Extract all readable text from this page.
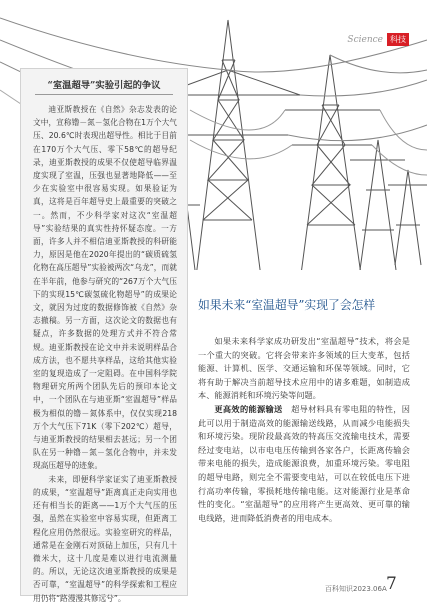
Science 科技
“室温超导”实验引起的争议

迪亚斯教授在《自然》杂志发表的论文中，宣称镥－氮－氢化合物在1万个大气压、20.6℃时表现出超导性。相比于目前在170万个大气压、零下58℃的超导纪录，迪亚斯教授的成果不仅使超导临界温度实现了室温，压强也显著地降低——至少在实验室中很容易实现。如果验证为真，这将是百年超导史上最重要的突破之一。然而，不少科学家对这次“室温超导”实验结果的真实性持怀疑态度。一方面，许多人并不相信迪亚斯教授的科研能力，原因是他在2020年提出的“碳质硫氢化物在高压超导”实验被两次“乌龙”，而就在半年前，他参与研究的“267万个大气压下的实现15℃碳氢硫化物超导”的成果论文，就因为过度的数据修饰被《自然》杂志撤稿。另一方面，这次论文的数据也有疑点，许多数据的处理方式并不符合常规。迪亚斯教授在论文中并未说明样品合成方法，也不愿共享样品，这给其他实验室的复现造成了一定阻碍。在中国科学院物理研究所两个团队先后的预印本论文中，一个团队在与迪亚斯“室温超导”样品极为相似的镥－氮体系中，仅仅实现218万个大气压下71K（零下202℃）超导，与迪亚斯教授的结果相去甚远；另一个团队在另一种镥－氮－氢化合物中，并未发现高压超导的迹象。

未来，即便科学家证实了迪亚斯教授的成果，“室温超导”距离真正走向实用也还有相当长的距离——1万个大气压的压强，虽然在实验室中容易实现，但距离工程化应用仍然很远。实验室研究的样品，通常是在金刚石对顶砧上加压，只有几十微米大，这十几度是难以进行电流测量的。所以，无论这次迪亚斯教授的成果是否可靠，“室温超导”的科学探索和工程应用仍将“路漫漫其修远兮”。

如果未来“室温超导”实现了会怎样

如果未来科学家成功研发出“室温超导”技术，将会是一个重大的突破。它将会带来许多领域的巨大变革，包括能源、计算机、医学、交通运输和环保等领域。同时，它将有助于解决当前超导技术应用中的诸多难题，如制造成本、能源消耗和环境污染等问题。

更高效的能源输送　 超导材料具有零电阻的特性，因此可以用于制造高效的能源输送线路，从而减少电能损失和环境污染。现阶段最高效的特高压交流输电技术，需要经过变电站，以市电电压传输到各家各户，长距离传输会带来电能的损失，造成能源浪费，加重环境污染。零电阻的超导电路，则完全不需要变电站，可以在较低电压下进行高功率传输，零损耗地传输电能。这对能源行业是革命性的变化。“室温超导”的应用将产生更高效、更可靠的输电线路，进而降低消费者的用电成本。

百科知识2023.06A 7
